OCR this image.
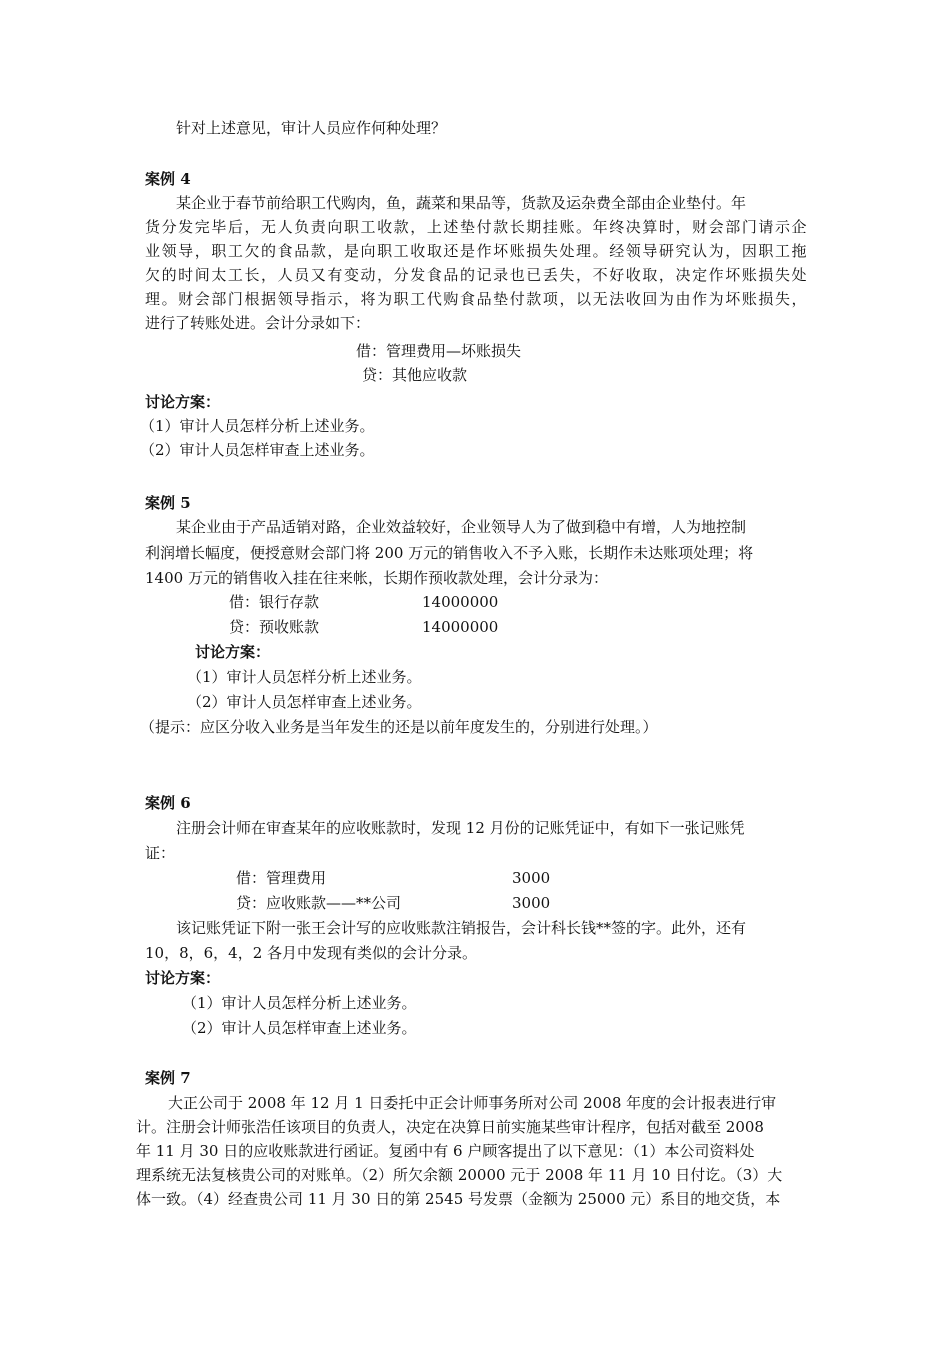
针对上述意见，审计人员应作何种处理？
案例 4
某企业于春节前给职工代购肉，鱼，蔬菜和果品等，货款及运杂费全部由企业垫付。年
货 分 发 完 毕 后 ， 无 人 负 责 向 职 工 收 款 ， 上 述 垫 付 款 长 期 挂 账 。 年 终 决 算 时 ， 财 会 部 门 请 示 企
业 领 导 ， 职 工 欠 的 食 品 款 ， 是 向 职 工 收 取 还 是 作 坏 账 损 失 处 理 。 经 领 导 研 究 认 为 ， 因 职 工 拖
欠 的 时 间 太 工 长 ， 人 员 又 有 变 动 ， 分 发 食 品 的 记 录 也 已 丢 失 ， 不 好 收 取 ， 决 定 作 坏 账 损 失 处
理 。 财 会 部 门 根 据 领 导 指 示 ， 将 为 职 工 代 购 食 品 垫 付 款 项 ， 以 无 法 收 回 为 由 作 为 坏 账 损 失 ，
进行了转账处进。会计分录如下：
借：管理费用—坏账损失
贷：其他应收款
讨论方案：
（1）审计人员怎样分析上述业务。
（2）审计人员怎样审查上述业务。
案例 5
某企业由于产品适销对路，企业效益较好，企业领导人为了做到稳中有增，人为地控制
利润增长幅度，便授意财会部门将 200 万元的销售收入不予入账，长期作未达账项处理；将
1400 万元的销售收入挂在往来帐，长期作预收款处理，会计分录为：
借：银行存款	14000000
贷：预收账款	14000000
讨论方案：
（1）审计人员怎样分析上述业务。
（2）审计人员怎样审查上述业务。
（提示：应区分收入业务是当年发生的还是以前年度发生的，分别进行处理。）
案例 6
注册会计师在审查某年的应收账款时，发现 12 月份的记账凭证中，有如下一张记账凭
证：
借：管理费用	3000
贷：应收账款——**公司	3000
该记账凭证下附一张王会计写的应收账款注销报告，会计科长钱**签的字。此外，还有
10，8，6，4，2 各月中发现有类似的会计分录。
讨论方案：
（1）审计人员怎样分析上述业务。
（2）审计人员怎样审查上述业务。
案例 7
大正公司于 2008 年 12 月 1 日委托中正会计师事务所对公司 2008 年度的会计报表进行审
计。注册会计师张浩任该项目的负责人，决定在决算日前实施某些审计程序，包括对截至 2008
年 11 月 30 日的应收账款进行函证。复函中有 6 户顾客提出了以下意见：（1）本公司资料处
理系统无法复核贵公司的对账单。（2）所欠余额 20000 元于 2008 年 11 月 10 日付讫。（3）大
体一致。（4）经查贵公司 11 月 30 日的第 2545 号发票（金额为 25000 元）系目的地交货，本
